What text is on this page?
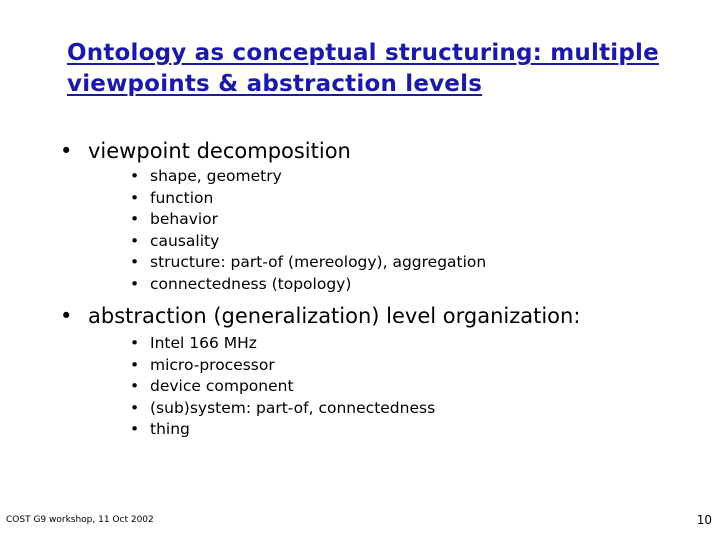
Ontology as conceptual structuring: multiple
viewpoints & abstraction levels
• viewpoint decomposition
• shape, geometry
• function
• behavior
• causality
• structure: part-of (mereology), aggregation
• connectedness (topology)
• abstraction (generalization) level organization:
• Intel 166 MHz
• micro-processor
• device component
• (sub)system: part-of, connectedness
• thing
COST G9 workshop, 11 Oct 2002	10
